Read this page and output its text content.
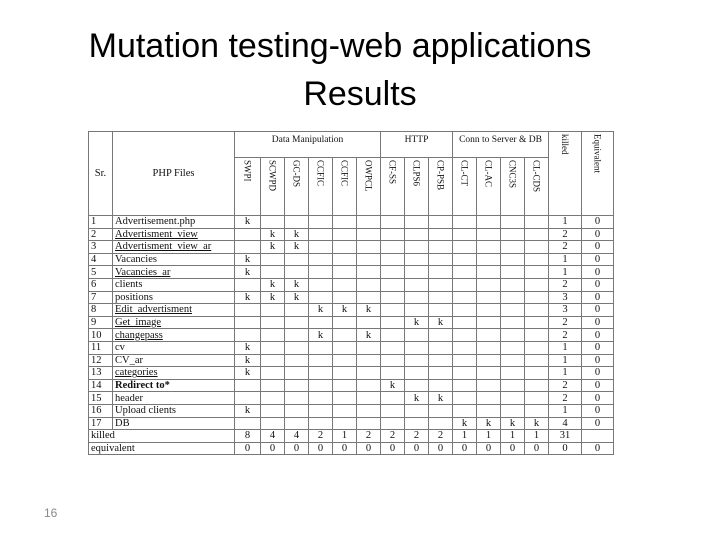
Mutation testing-web applications
Results
Sr.	PHP Files	Data Manipulation						HTTP			Conn to Server & DB				killed	Equivalent
		SWPI	SCWPD	GC-DS	CCFIC	CCFIC	OWPCL	CF-SS	CLPS6	CP-PSB	CL-CT	CL-AC	CNC3S	CL-CDS		
1	Advertisement.php	k													1	0
2	Advertisment_view		k	k											2	0
3	Advertisment_view_ar		k	k											2	0
4	Vacancies	k													1	0
5	Vacancies_ar	k													1	0
6	clients		k	k											2	0
7	positions	k	k	k											3	0
8	Edit_advertisment				k	k	k								3	0
9	Get_image								k	k					2	0
10	changepass				k		k								2	0
11	cv	k													1	0
12	CV_ar	k													1	0
13	categories	k													1	0
14	Redirect to*							k							2	0
15	header								k	k					2	0
16	Upload clients	k													1	0
17	DB										k	k	k	k	4	0
killed		8	4	4	2	1	2	2	2	2	1	1	1	1	31	
equivalent		0	0	0	0	0	0	0	0	0	0	0	0	0	0	0
16
